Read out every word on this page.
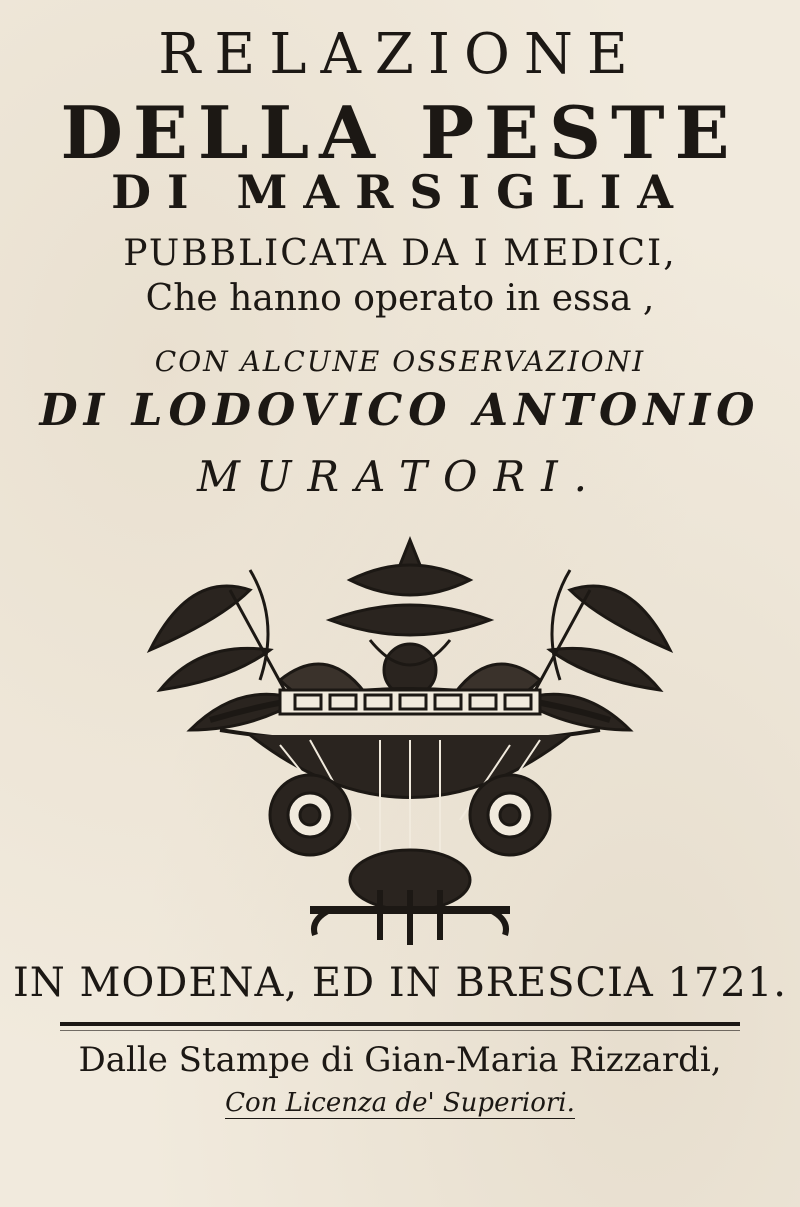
RELAZIONE
DELLA PESTE
DI MARSIGLIA
PUBBLICATA DA I MEDICI,
Che hanno operato in essa ,
CON ALCUNE OSSERVAZIONI
DI LODOVICO ANTONIO
MURATORI.
IN MODENA, ED IN BRESCIA 1721.
Dalle Stampe di Gian-Maria Rizzardi,
Con Licenza de' Superiori.
